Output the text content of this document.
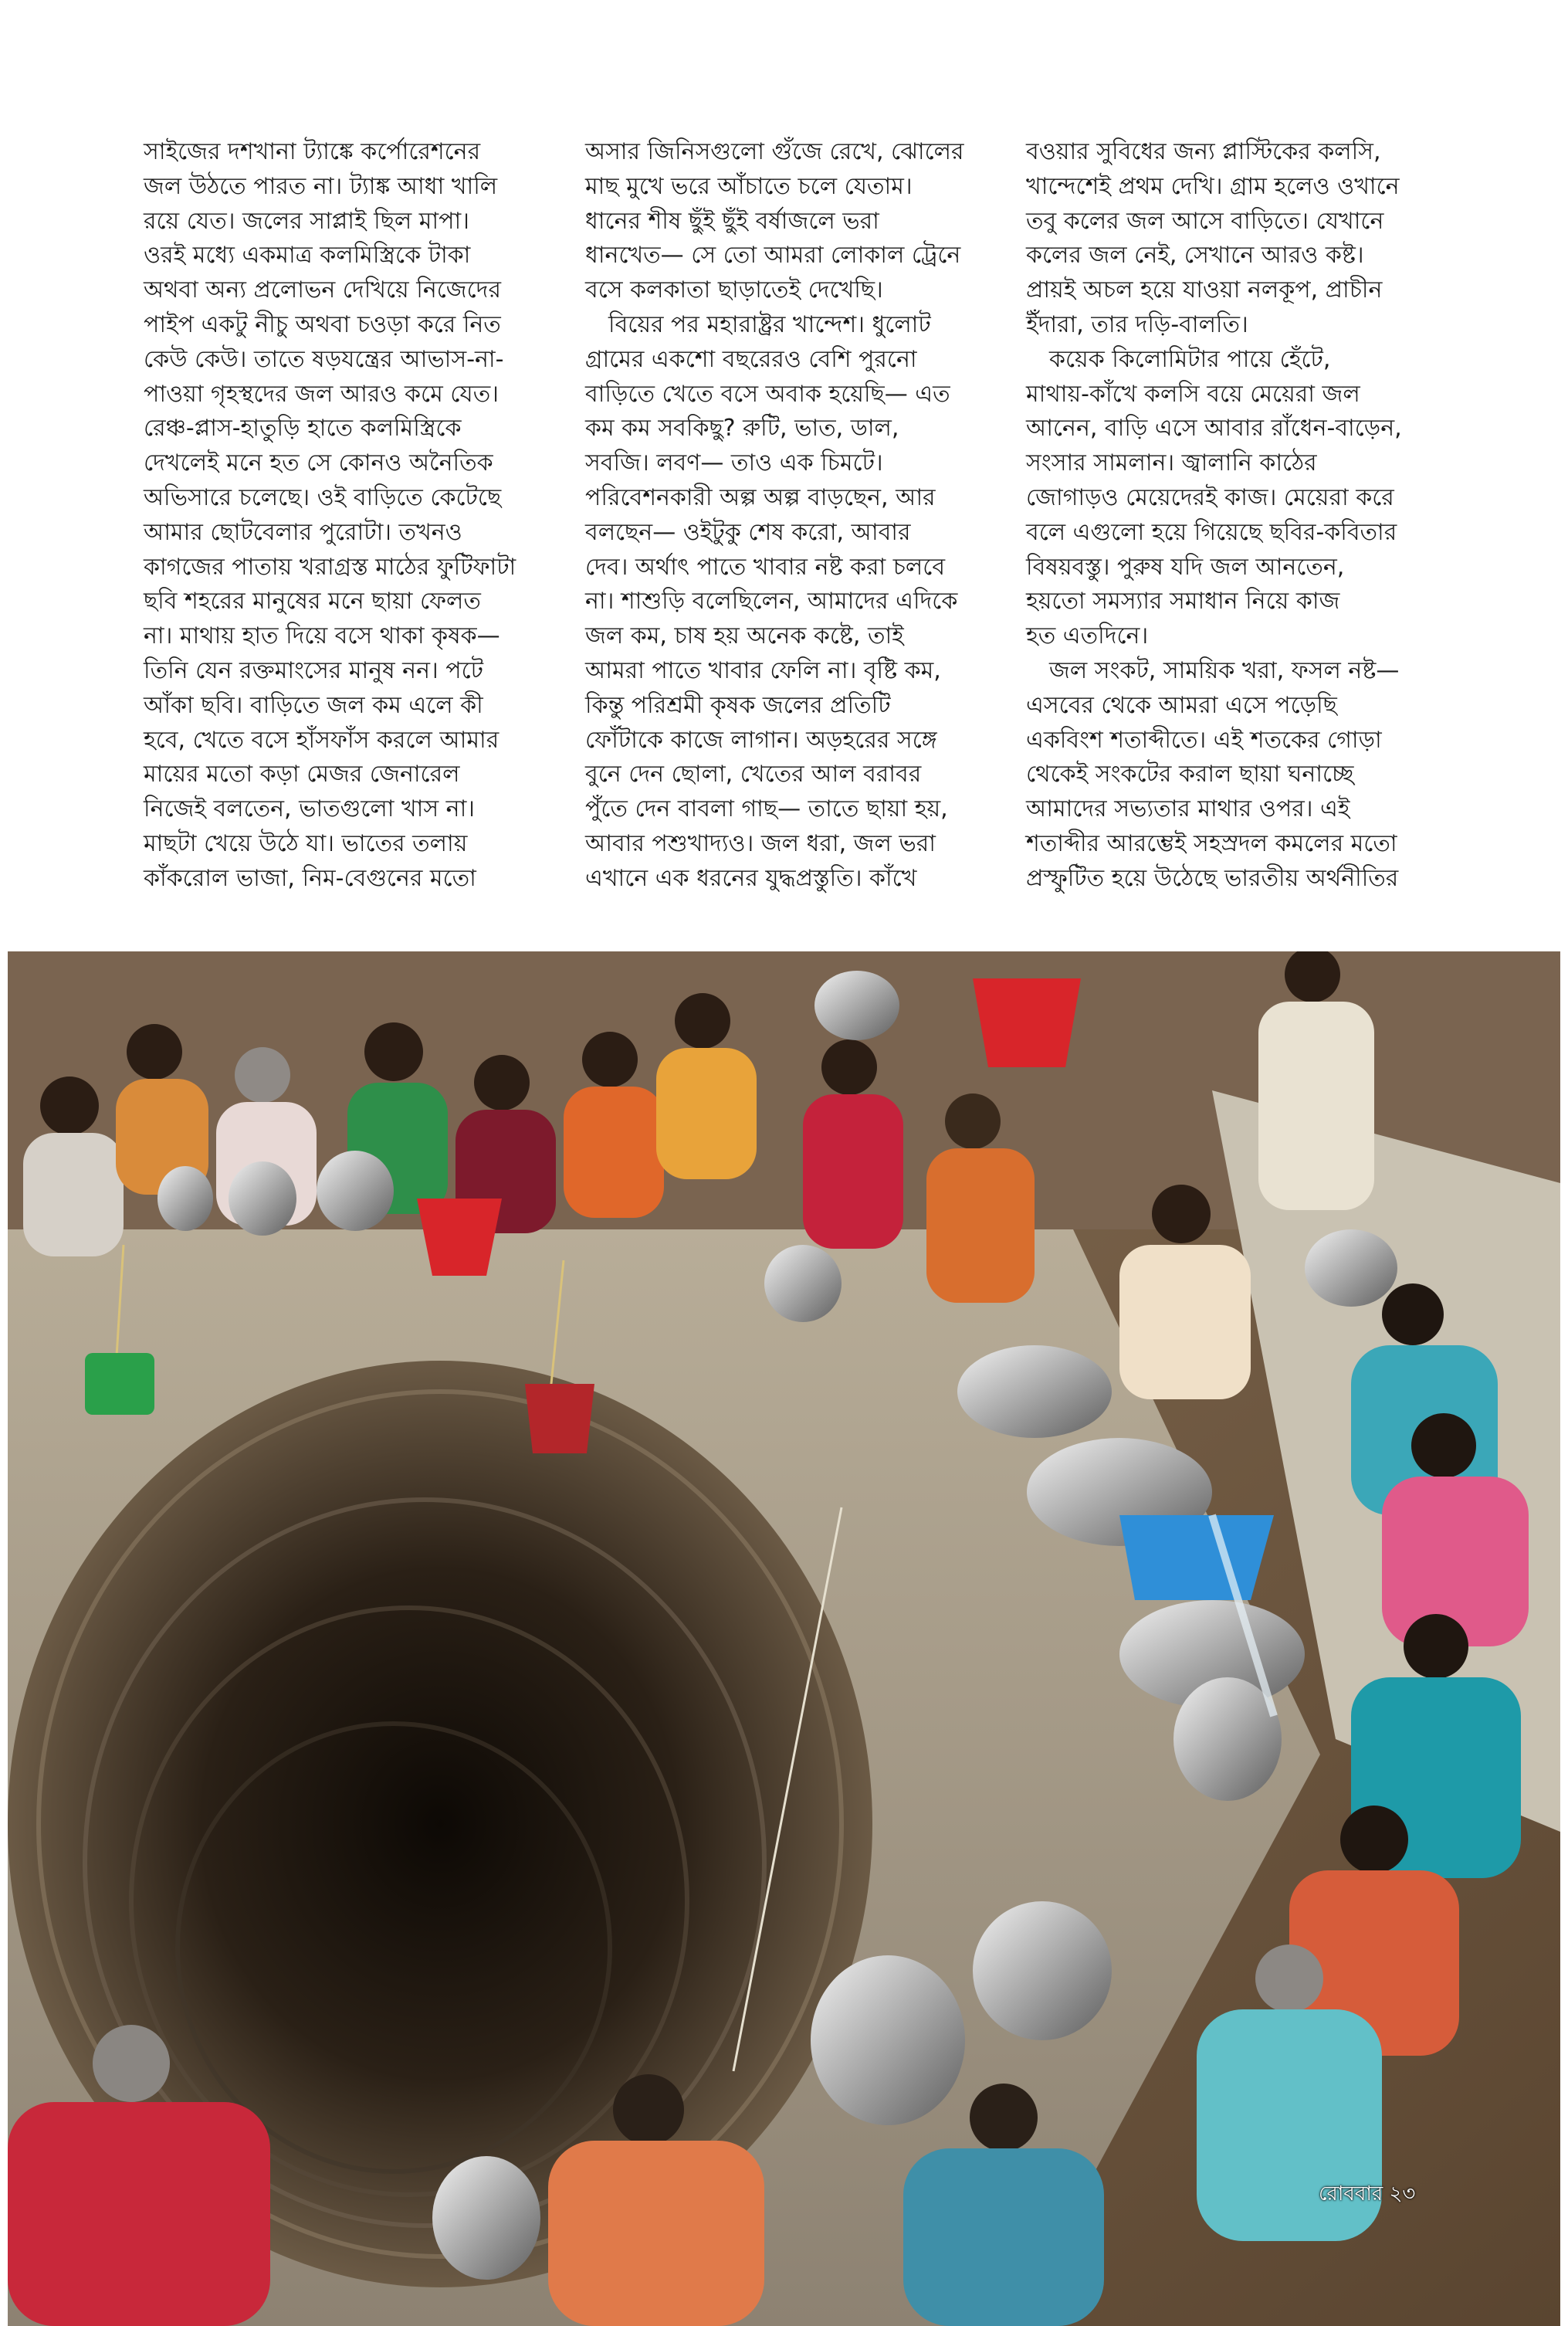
সাইজের দশখানা ট্যাঙ্কে কর্পোরেশনের
জল উঠতে পারত না। ট্যাঙ্ক আধা খালি
রয়ে যেত। জলের সাপ্লাই ছিল মাপা।
ওরই মধ্যে একমাত্র কলমিস্ত্রিকে টাকা
অথবা অন্য প্রলোভন দেখিয়ে নিজেদের
পাইপ একটু নীচু অথবা চওড়া করে নিত
কেউ কেউ। তাতে ষড়যন্ত্রের আভাস-না-
পাওয়া গৃহস্থদের জল আরও কমে যেত।
রেঞ্চ-প্লাস-হাতুড়ি হাতে কলমিস্ত্রিকে
দেখলেই মনে হত সে কোনও অনৈতিক
অভিসারে চলেছে। ওই বাড়িতে কেটেছে
আমার ছোটবেলার পুরোটা। তখনও
কাগজের পাতায় খরাগ্রস্ত মাঠের ফুটিফাটা
ছবি শহরের মানুষের মনে ছায়া ফেলত
না। মাথায় হাত দিয়ে বসে থাকা কৃষক—
তিনি যেন রক্তমাংসের মানুষ নন। পটে
আঁকা ছবি। বাড়িতে জল কম এলে কী
হবে, খেতে বসে হাঁসফাঁস করলে আমার
মায়ের মতো কড়া মেজর জেনারেল
নিজেই বলতেন, ভাতগুলো খাস না।
মাছটা খেয়ে উঠে যা। ভাতের তলায়
কাঁকরোল ভাজা, নিম-বেগুনের মতো
অসার জিনিসগুলো গুঁজে রেখে, ঝোলের
মাছ মুখে ভরে আঁচাতে চলে যেতাম।
ধানের শীষ ছুঁই ছুঁই বর্ষাজলে ভরা
ধানখেত— সে তো আমরা লোকাল ট্রেনে
বসে কলকাতা ছাড়াতেই দেখেছি।
বিয়ের পর মহারাষ্ট্রর খান্দেশ। ধুলোট
গ্রামের একশো বছরেরও বেশি পুরনো
বাড়িতে খেতে বসে অবাক হয়েছি— এত
কম কম সবকিছু? রুটি, ভাত, ডাল,
সবজি। লবণ— তাও এক চিমটে।
পরিবেশনকারী অল্প অল্প বাড়ছেন, আর
বলছেন— ওইটুকু শেষ করো, আবার
দেব। অর্থাৎ পাতে খাবার নষ্ট করা চলবে
না। শাশুড়ি বলেছিলেন, আমাদের এদিকে
জল কম, চাষ হয় অনেক কষ্টে, তাই
আমরা পাতে খাবার ফেলি না। বৃষ্টি কম,
কিন্তু পরিশ্রমী কৃষক জলের প্রতিটি
ফোঁটাকে কাজে লাগান। অড়হরের সঙ্গে
বুনে দেন ছোলা, খেতের আল বরাবর
পুঁতে দেন বাবলা গাছ— তাতে ছায়া হয়,
আবার পশুখাদ্যও। জল ধরা, জল ভরা
এখানে এক ধরনের যুদ্ধপ্রস্তুতি। কাঁখে
বওয়ার সুবিধের জন্য প্লাস্টিকের কলসি,
খান্দেশেই প্রথম দেখি। গ্রাম হলেও ওখানে
তবু কলের জল আসে বাড়িতে। যেখানে
কলের জল নেই, সেখানে আরও কষ্ট।
প্রায়ই অচল হয়ে যাওয়া নলকূপ, প্রাচীন
ইঁদারা, তার দড়ি-বালতি।
কয়েক কিলোমিটার পায়ে হেঁটে,
মাথায়-কাঁখে কলসি বয়ে মেয়েরা জল
আনেন, বাড়ি এসে আবার রাঁধেন-বাড়েন,
সংসার সামলান। জ্বালানি কাঠের
জোগাড়ও মেয়েদেরই কাজ। মেয়েরা করে
বলে এগুলো হয়ে গিয়েছে ছবির-কবিতার
বিষয়বস্তু। পুরুষ যদি জল আনতেন,
হয়তো সমস্যার সমাধান নিয়ে কাজ
হত এতদিনে।
জল সংকট, সাময়িক খরা, ফসল নষ্ট—
এসবের থেকে আমরা এসে পড়েছি
একবিংশ শতাব্দীতে। এই শতকের গোড়া
থেকেই সংকটের করাল ছায়া ঘনাচ্ছে
আমাদের সভ্যতার মাথার ওপর। এই
শতাব্দীর আরম্ভেই সহস্রদল কমলের মতো
প্রস্ফুটিত হয়ে উঠেছে ভারতীয় অর্থনীতির
রোববার ২৩
